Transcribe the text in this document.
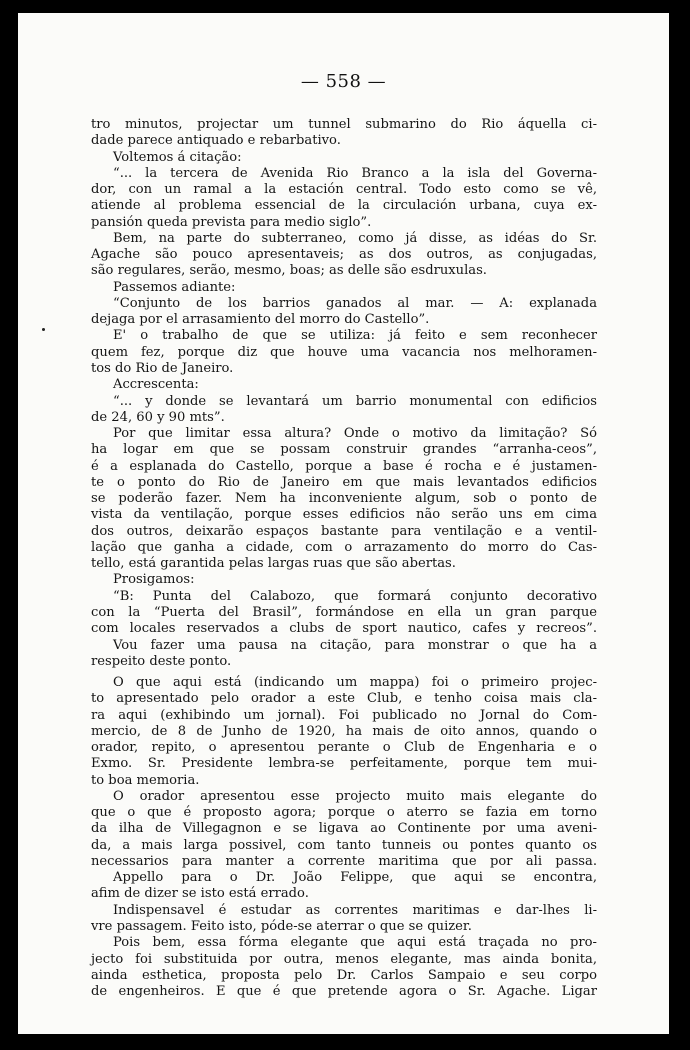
— 558 —
tro minutos, projectar um tunnel submarino do Rio áquella ci-
dade parece antiquado e rebarbativo.
Voltemos á citação:
“... la tercera de Avenida Rio Branco a la isla del Governa-
dor, con un ramal a la estación central. Todo esto como se vê,
atiende al problema essencial de la circulación urbana, cuya ex-
pansión queda prevista para medio siglo”.
Bem, na parte do subterraneo, como já disse, as idéas do Sr.
Agache são pouco apresentaveis; as dos outros, as conjugadas,
são regulares, serão, mesmo, boas; as delle são esdruxulas.
Passemos adiante:
“Conjunto de los barrios ganados al mar. — A: explanada
dejaga por el arrasamiento del morro do Castello”.
E' o trabalho de que se utiliza: já feito e sem reconhecer
quem fez, porque diz que houve uma vacancia nos melhoramen-
tos do Rio de Janeiro.
Accrescenta:
“... y donde se levantará um barrio monumental con edificios
de 24, 60 y 90 mts”.
Por que limitar essa altura? Onde o motivo da limitação? Só
ha logar em que se possam construir grandes “arranha-ceos”,
é a esplanada do Castello, porque a base é rocha e é justamen-
te o ponto do Rio de Janeiro em que mais levantados edificios
se poderão fazer. Nem ha inconveniente algum, sob o ponto de
vista da ventilação, porque esses edificios não serão uns em cima
dos outros, deixarão espaços bastante para ventilação e a ventil-
lação que ganha a cidade, com o arrazamento do morro do Cas-
tello, está garantida pelas largas ruas que são abertas.
Prosigamos:
“B: Punta del Calabozo, que formará conjunto decorativo
con la “Puerta del Brasil”, formándose en ella un gran parque
com locales reservados a clubs de sport nautico, cafes y recreos”.
Vou fazer uma pausa na citação, para monstrar o que ha a
respeito deste ponto.
O que aqui está (indicando um mappa) foi o primeiro projec-
to apresentado pelo orador a este Club, e tenho coisa mais cla-
ra aqui (exhibindo um jornal). Foi publicado no Jornal do Com-
mercio, de 8 de Junho de 1920, ha mais de oito annos, quando o
orador, repito, o apresentou perante o Club de Engenharia e o
Exmo. Sr. Presidente lembra-se perfeitamente, porque tem mui-
to boa memoria.
O orador apresentou esse projecto muito mais elegante do
que o que é proposto agora; porque o aterro se fazia em torno
da ilha de Villegagnon e se ligava ao Continente por uma aveni-
da, a mais larga possivel, com tanto tunneis ou pontes quanto os
necessarios para manter a corrente maritima que por ali passa.
Appello para o Dr. João Felippe, que aqui se encontra,
afim de dizer se isto está errado.
Indispensavel é estudar as correntes maritimas e dar-lhes li-
vre passagem. Feito isto, póde-se aterrar o que se quizer.
Pois bem, essa fórma elegante que aqui está traçada no pro-
jecto foi substituida por outra, menos elegante, mas ainda bonita,
ainda esthetica, proposta pelo Dr. Carlos Sampaio e seu corpo
de engenheiros. E que é que pretende agora o Sr. Agache. Ligar
